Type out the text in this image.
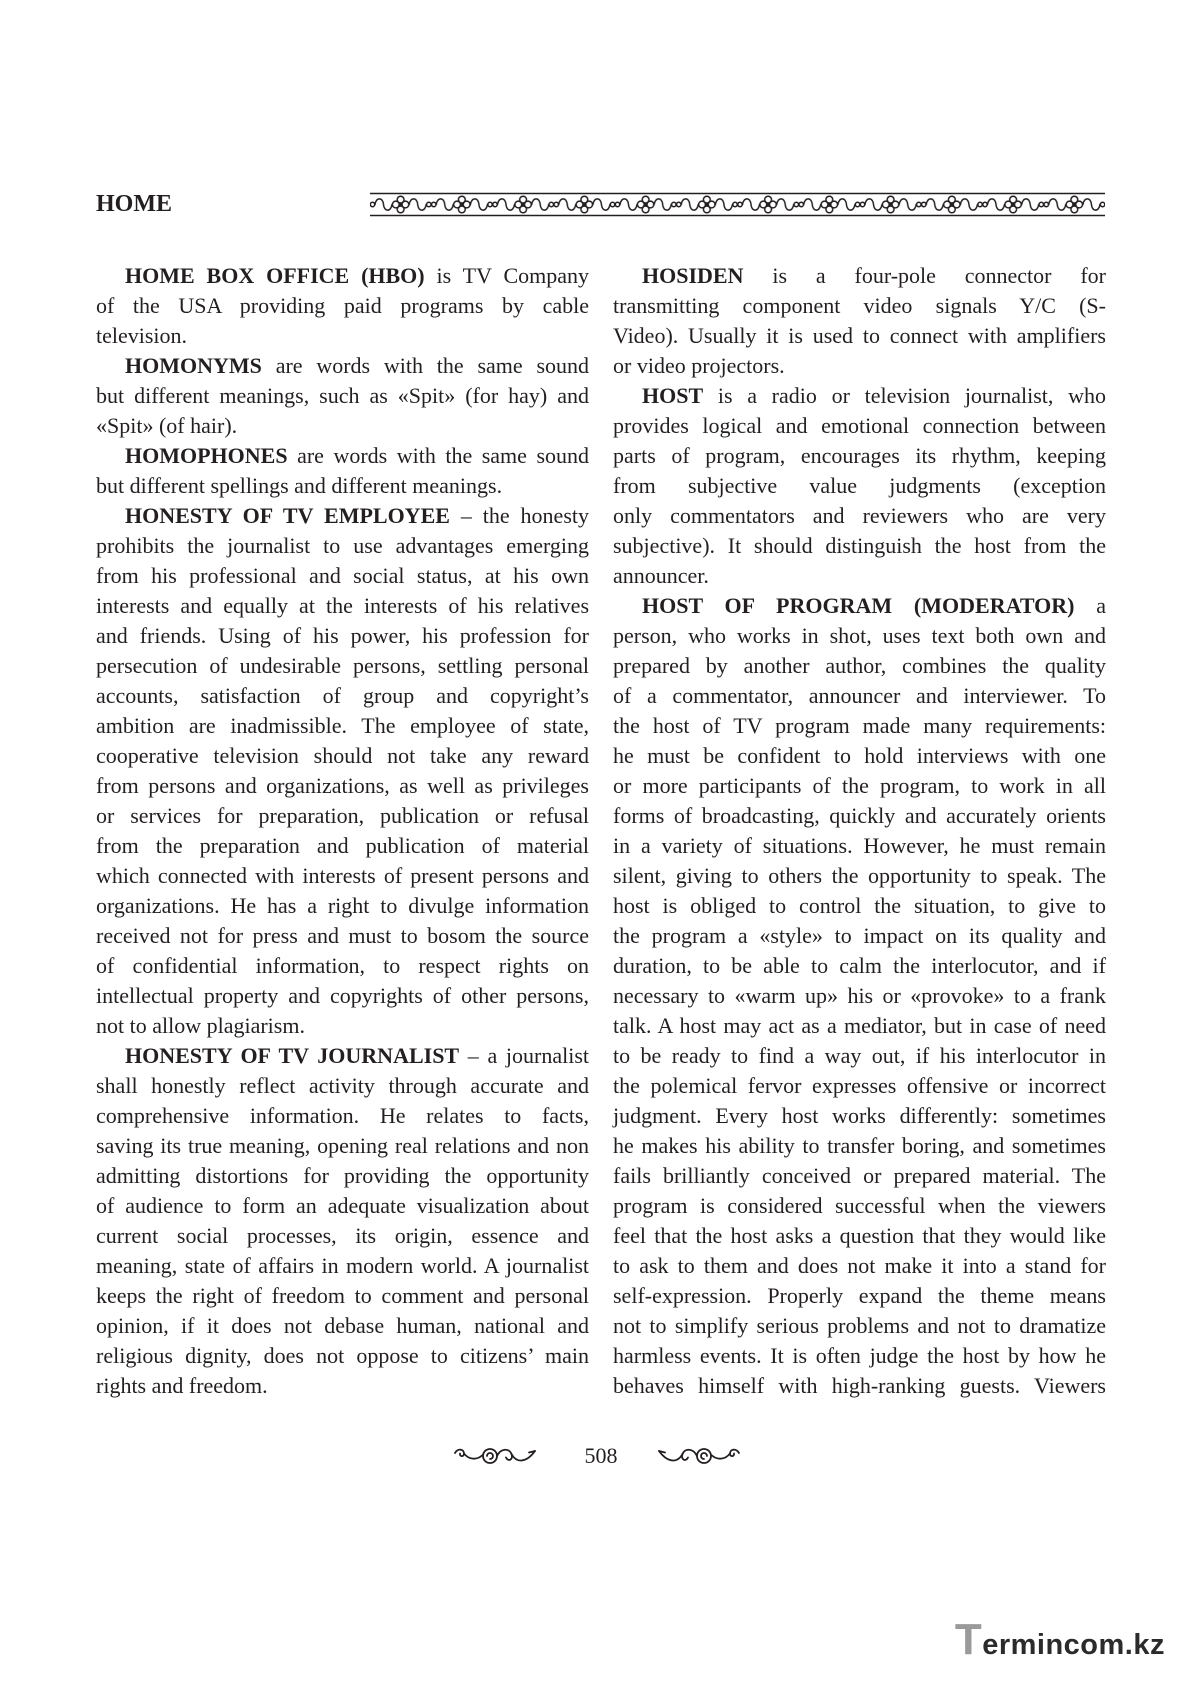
HOME
HOME BOX OFFICE (HBO) is TV Company
of the USA providing paid programs by cable
television.
HOMONYMS are words with the same sound
but different meanings, such as «Spit» (for hay) and
«Spit» (of hair).
HOMOPHONES are words with the same sound
but different spellings and different meanings.
HONESTY OF TV EMPLOYEE – the honesty
prohibits the journalist to use advantages emerging
from his professional and social status, at his own
interests and equally at the interests of his relatives
and friends. Using of his power, his profession for
persecution of undesirable persons, settling personal
accounts, satisfaction of group and copyright’s
ambition are inadmissible. The employee of state,
cooperative television should not take any reward
from persons and organizations, as well as privileges
or services for preparation, publication or refusal
from the preparation and publication of material
which connected with interests of present persons and
organizations. He has a right to divulge information
received not for press and must to bosom the source
of confidential information, to respect rights on
intellectual property and copyrights of other persons,
not to allow plagiarism.
HONESTY OF TV JOURNALIST – a journalist
shall honestly reflect activity through accurate and
comprehensive information. He relates to facts,
saving its true meaning, opening real relations and non
admitting distortions for providing the opportunity
of audience to form an adequate visualization about
current social processes, its origin, essence and
meaning, state of affairs in modern world. A journalist
keeps the right of freedom to comment and personal
opinion, if it does not debase human, national and
religious dignity, does not oppose to citizens’ main
rights and freedom.
HOSIDEN is a four-pole connector for
transmitting component video signals Y/C (S-
Video). Usually it is used to connect with amplifiers
or video projectors.
HOST is a radio or television journalist, who
provides logical and emotional connection between
parts of program, encourages its rhythm, keeping
from subjective value judgments (exception
only commentators and reviewers who are very
subjective). It should distinguish the host from the
announcer.
HOST OF PROGRAM (MODERATOR) a
person, who works in shot, uses text both own and
prepared by another author, combines the quality
of a commentator, announcer and interviewer. To
the host of TV program made many requirements:
he must be confident to hold interviews with one
or more participants of the program, to work in all
forms of broadcasting, quickly and accurately orients
in a variety of situations. However, he must remain
silent, giving to others the opportunity to speak. The
host is obliged to control the situation, to give to
the program a «style» to impact on its quality and
duration, to be able to calm the interlocutor, and if
necessary to «warm up» his or «provoke» to a frank
talk. A host may act as a mediator, but in case of need
to be ready to find a way out, if his interlocutor in
the polemical fervor expresses offensive or incorrect
judgment. Every host works differently: sometimes
he makes his ability to transfer boring, and sometimes
fails brilliantly conceived or prepared material. The
program is considered successful when the viewers
feel that the host asks a question that they would like
to ask to them and does not make it into a stand for
self-expression. Properly expand the theme means
not to simplify serious problems and not to dramatize
harmless events. It is often judge the host by how he
behaves himself with high-ranking guests. Viewers
508
Termincom.kz
